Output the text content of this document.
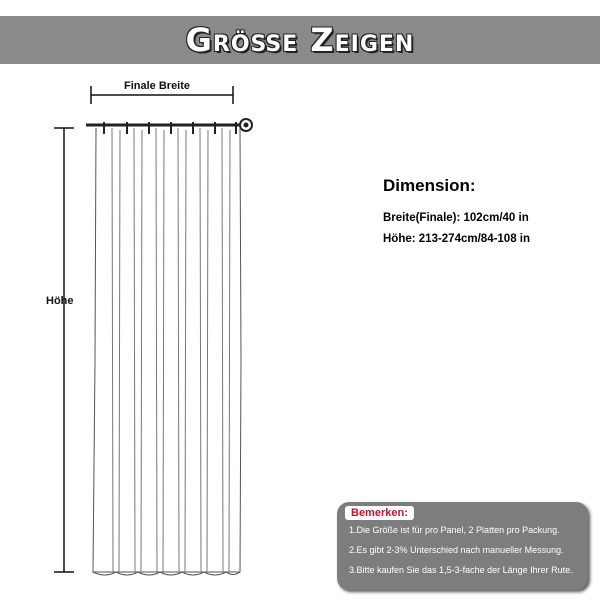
Größe Zeigen
Finale Breite
Höhe
Dimension:
Breite(Finale): 102cm/40 in
Höhe: 213-274cm/84-108 in
Bemerken:
1.Die Größe ist für pro Panel, 2 Platten pro Packung.
2.Es gibt 2-3% Unterschied nach manueller Messung.
3.Bitte kaufen Sie das 1,5-3-fache der Länge Ihrer Rute.
